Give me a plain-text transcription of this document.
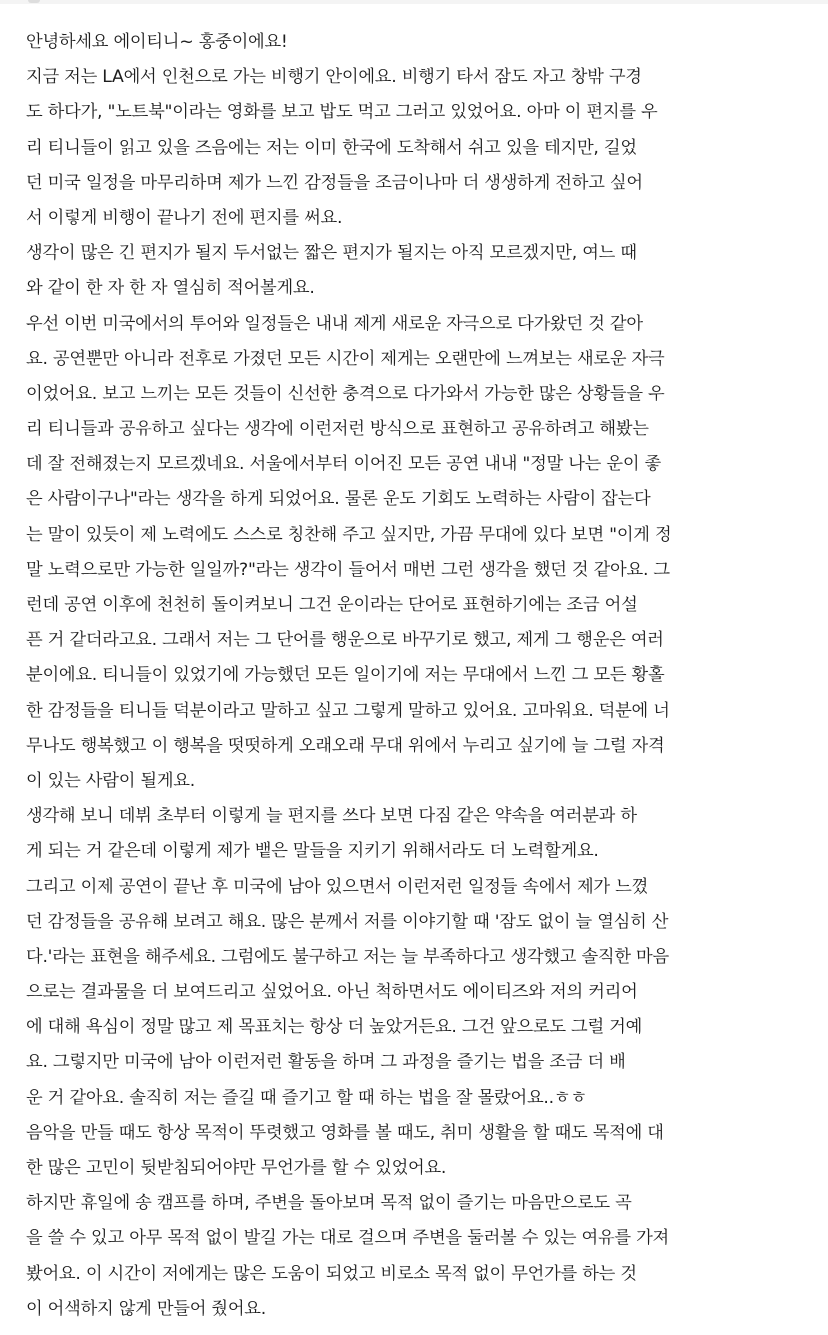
안녕하세요 에이티니~ 홍중이에요!
지금 저는 LA에서 인천으로 가는 비행기 안이에요. 비행기 타서 잠도 자고 창밖 구경
도 하다가, "노트북"이라는 영화를 보고 밥도 먹고 그러고 있었어요. 아마 이 편지를 우
리 티니들이 읽고 있을 즈음에는 저는 이미 한국에 도착해서 쉬고 있을 테지만, 길었
던 미국 일정을 마무리하며 제가 느낀 감정들을 조금이나마 더 생생하게 전하고 싶어
서 이렇게 비행이 끝나기 전에 편지를 써요.
생각이 많은 긴 편지가 될지 두서없는 짧은 편지가 될지는 아직 모르겠지만, 여느 때
와 같이 한 자 한 자 열심히 적어볼게요.
우선 이번 미국에서의 투어와 일정들은 내내 제게 새로운 자극으로 다가왔던 것 같아
요. 공연뿐만 아니라 전후로 가졌던 모든 시간이 제게는 오랜만에 느껴보는 새로운 자극
이었어요. 보고 느끼는 모든 것들이 신선한 충격으로 다가와서 가능한 많은 상황들을 우
리 티니들과 공유하고 싶다는 생각에 이런저런 방식으로 표현하고 공유하려고 해봤는
데 잘 전해졌는지 모르겠네요. 서울에서부터 이어진 모든 공연 내내 "정말 나는 운이 좋
은 사람이구나"라는 생각을 하게 되었어요. 물론 운도 기회도 노력하는 사람이 잡는다
는 말이 있듯이 제 노력에도 스스로 칭찬해 주고 싶지만, 가끔 무대에 있다 보면 "이게 정
말 노력으로만 가능한 일일까?"라는 생각이 들어서 매번 그런 생각을 했던 것 같아요. 그
런데 공연 이후에 천천히 돌이켜보니 그건 운이라는 단어로 표현하기에는 조금 어설
픈 거 같더라고요. 그래서 저는 그 단어를 행운으로 바꾸기로 했고, 제게 그 행운은 여러
분이에요. 티니들이 있었기에 가능했던 모든 일이기에 저는 무대에서 느낀 그 모든 황홀
한 감정들을 티니들 덕분이라고 말하고 싶고 그렇게 말하고 있어요. 고마워요. 덕분에 너
무나도 행복했고 이 행복을 떳떳하게 오래오래 무대 위에서 누리고 싶기에 늘 그럴 자격
이 있는 사람이 될게요.
생각해 보니 데뷔 초부터 이렇게 늘 편지를 쓰다 보면 다짐 같은 약속을 여러분과 하
게 되는 거 같은데 이렇게 제가 뱉은 말들을 지키기 위해서라도 더 노력할게요.
그리고 이제 공연이 끝난 후 미국에 남아 있으면서 이런저런 일정들 속에서 제가 느꼈
던 감정들을 공유해 보려고 해요. 많은 분께서 저를 이야기할 때 '잠도 없이 늘 열심히 산
다.'라는 표현을 해주세요. 그럼에도 불구하고 저는 늘 부족하다고 생각했고 솔직한 마음
으로는 결과물을 더 보여드리고 싶었어요. 아닌 척하면서도 에이티즈와 저의 커리어
에 대해 욕심이 정말 많고 제 목표치는 항상 더 높았거든요. 그건 앞으로도 그럴 거예
요. 그렇지만 미국에 남아 이런저런 활동을 하며 그 과정을 즐기는 법을 조금 더 배
운 거 같아요. 솔직히 저는 즐길 때 즐기고 할 때 하는 법을 잘 몰랐어요..ㅎㅎ
음악을 만들 때도 항상 목적이 뚜렷했고 영화를 볼 때도, 취미 생활을 할 때도 목적에 대
한 많은 고민이 뒷받침되어야만 무언가를 할 수 있었어요.
하지만 휴일에 송 캠프를 하며, 주변을 돌아보며 목적 없이 즐기는 마음만으로도 곡
을 쓸 수 있고 아무 목적 없이 발길 가는 대로 걸으며 주변을 둘러볼 수 있는 여유를 가져
봤어요. 이 시간이 저에게는 많은 도움이 되었고 비로소 목적 없이 무언가를 하는 것
이 어색하지 않게 만들어 줬어요.
